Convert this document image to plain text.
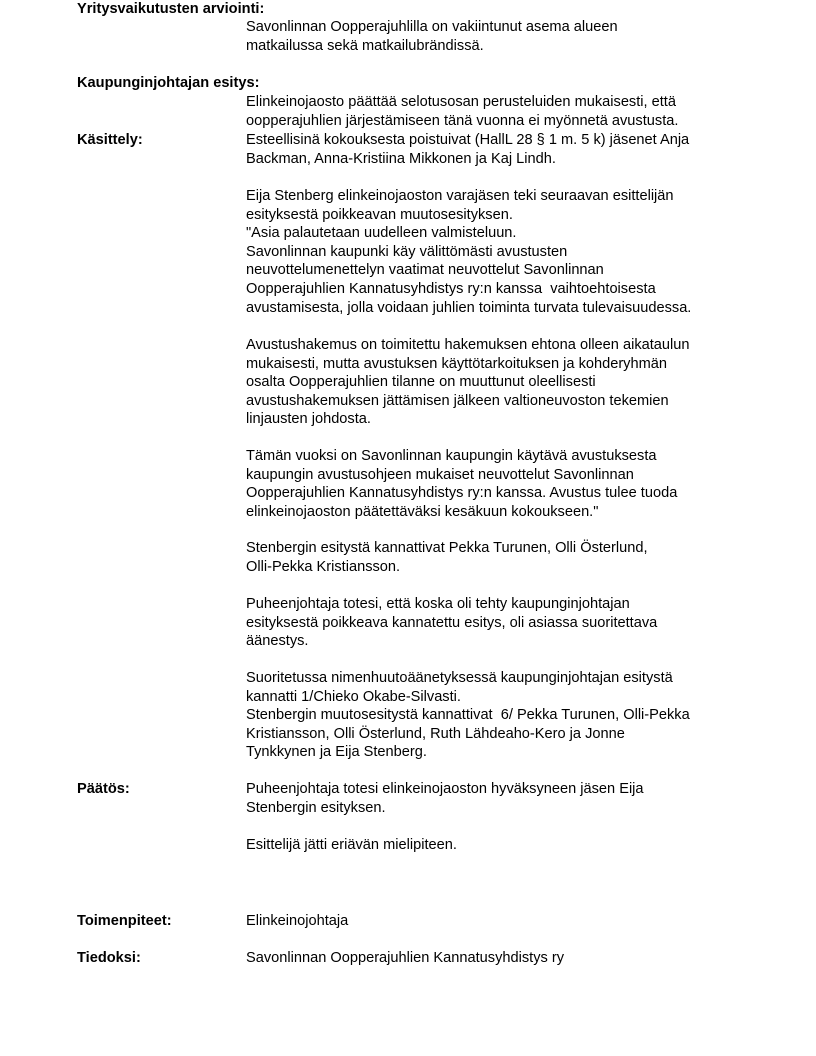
Yritysvaikutusten arviointi:
Savonlinnan Oopperajuhlilla on vakiintunut asema alueen
matkailussa sekä matkailubrändissä.
Kaupunginjohtajan esitys:
Elinkeinojaosto päättää selotusosan perusteluiden mukaisesti, että
oopperajuhlien järjestämiseen tänä vuonna ei myönnetä avustusta.
Käsittely:	Esteellisinä kokouksesta poistuivat (HallL 28 § 1 m. 5 k) jäsenet Anja
Backman, Anna-Kristiina Mikkonen ja Kaj Lindh.
Eija Stenberg elinkeinojaoston varajäsen teki seuraavan esittelijän
esityksestä poikkeavan muutosesityksen.
"Asia palautetaan uudelleen valmisteluun.
Savonlinnan kaupunki käy välittömästi avustusten
neuvottelumenettelyn vaatimat neuvottelut Savonlinnan
Oopperajuhlien Kannatusyhdistys ry:n kanssa  vaihtoehtoisesta
avustamisesta, jolla voidaan juhlien toiminta turvata tulevaisuudessa.
Avustushakemus on toimitettu hakemuksen ehtona olleen aikataulun
mukaisesti, mutta avustuksen käyttötarkoituksen ja kohderyhmän
osalta Oopperajuhlien tilanne on muuttunut oleellisesti
avustushakemuksen jättämisen jälkeen valtioneuvoston tekemien
linjausten johdosta.
Tämän vuoksi on Savonlinnan kaupungin käytävä avustuksesta
kaupungin avustusohjeen mukaiset neuvottelut Savonlinnan
Oopperajuhlien Kannatusyhdistys ry:n kanssa. Avustus tulee tuoda
elinkeinojaoston päätettäväksi kesäkuun kokoukseen."
Stenbergin esitystä kannattivat Pekka Turunen, Olli Österlund,
Olli-Pekka Kristiansson.
Puheenjohtaja totesi, että koska oli tehty kaupunginjohtajan
esityksestä poikkeava kannatettu esitys, oli asiassa suoritettava
äänestys.
Suoritetussa nimenhuutoäänetyksessä kaupunginjohtajan esitystä
kannatti 1/Chieko Okabe-Silvasti.
Stenbergin muutosesitystä kannattivat  6/ Pekka Turunen, Olli-Pekka
Kristiansson, Olli Österlund, Ruth Lähdeaho-Kero ja Jonne
Tynkkynen ja Eija Stenberg.
Päätös:	Puheenjohtaja totesi elinkeinojaoston hyväksyneen jäsen Eija
Stenbergin esityksen.
Esittelijä jätti eriävän mielipiteen.
Toimenpiteet:	Elinkeinojohtaja
Tiedoksi:	Savonlinnan Oopperajuhlien Kannatusyhdistys ry
